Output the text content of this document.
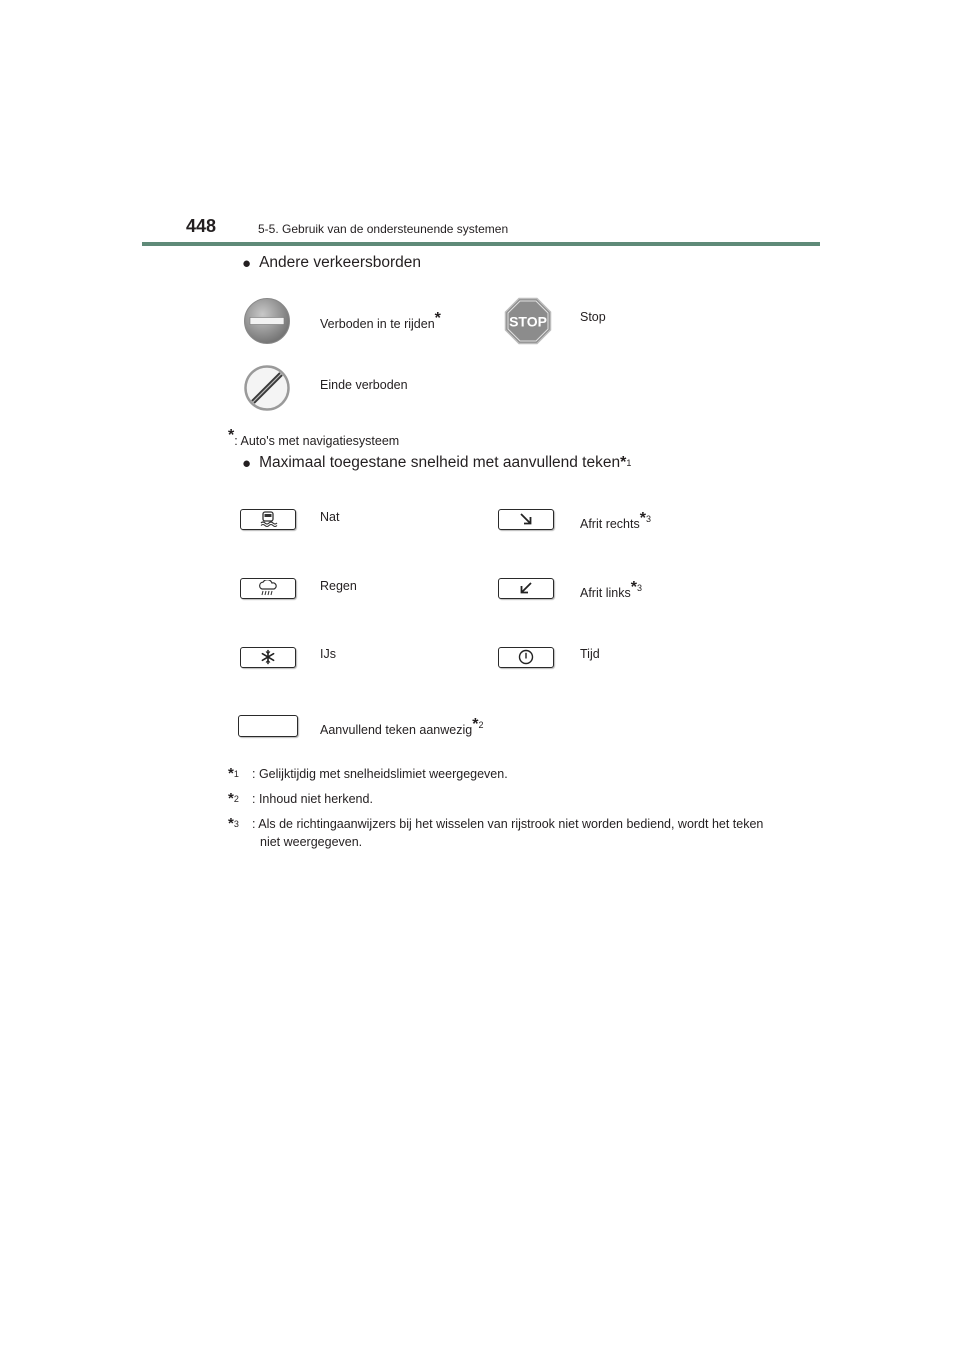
448	5-5. Gebruik van de ondersteunende systemen
● Andere verkeersborden
Verboden in te rijden*	STOP	Stop
Einde verboden
*: Auto's met navigatiesysteem
● Maximaal toegestane snelheid met aanvullend teken * 1
Nat	Afrit rechts*$^3$
Regen	Afrit links*$^3$
IJs	Tijd
Aanvullend teken aanwezig*$^2$
*$^1$	: Gelijktijdig met snelheidslimiet weergegeven.
*$^2$	: Inhoud niet herkend.
*$^3$	: Als de richtingaanwijzers bij het wisselen van rijstrook niet worden bediend, wordt het teken niet weergegeven.
